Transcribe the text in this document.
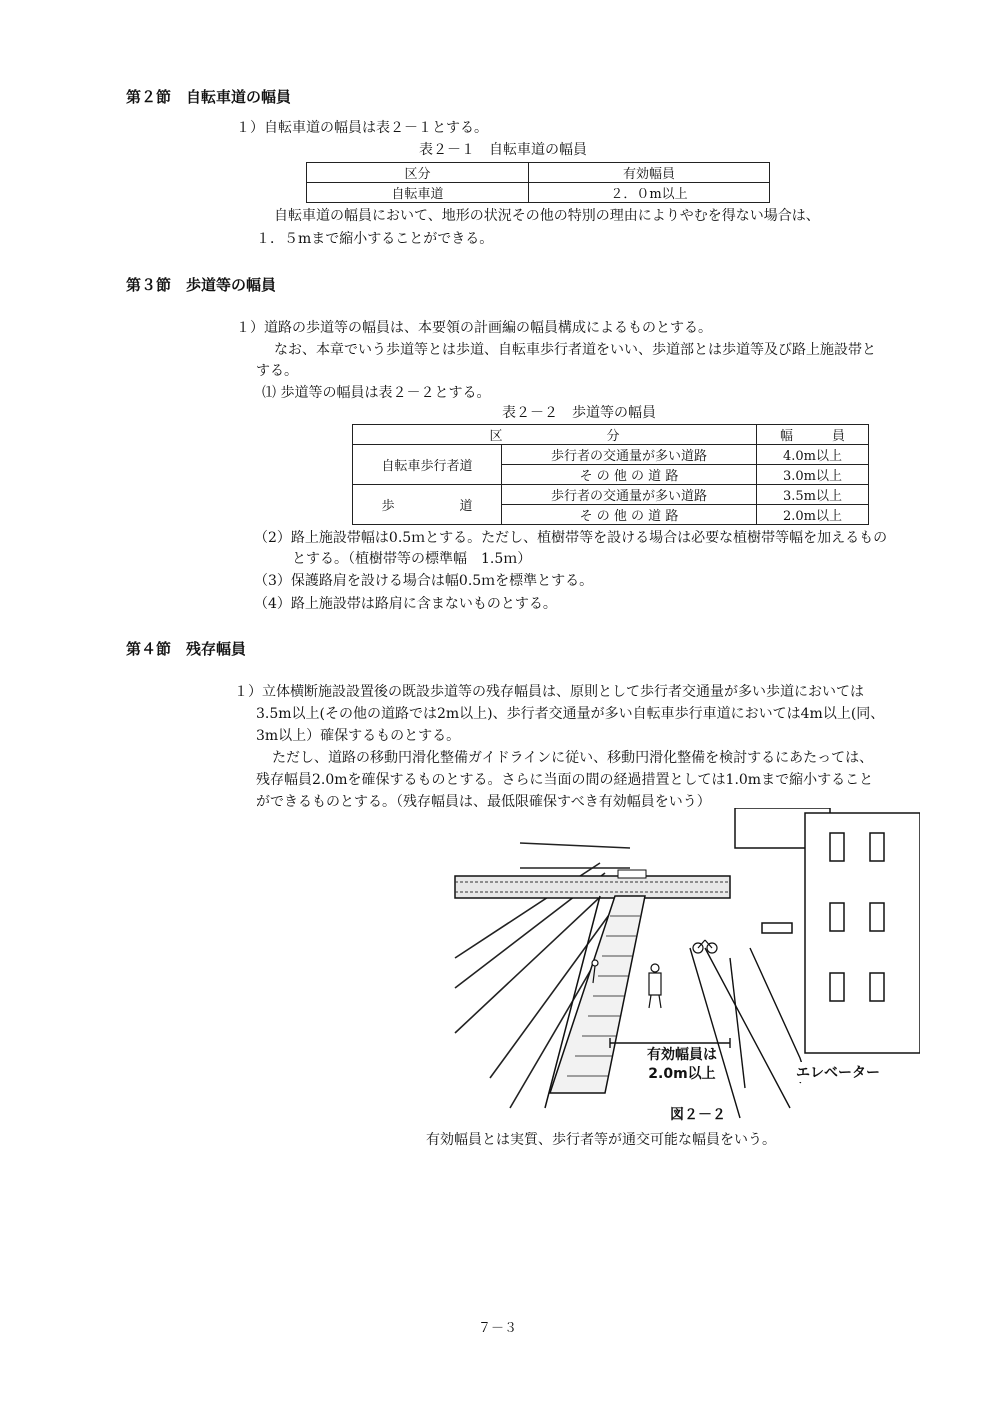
第２節　自転車道の幅員
１）自転車道の幅員は表２－１とする。
表２－１　自転車道の幅員
区分	有効幅員
自転車道	２．０m以上
自転車道の幅員において、地形の状況その他の特別の理由によりやむを得ない場合は、
１．５mまで縮小することができる。
第３節　歩道等の幅員
１）道路の歩道等の幅員は、本要領の計画編の幅員構成によるものとする。
なお、本章でいう歩道等とは歩道、自転車歩行者道をいい、歩道部とは歩道等及び路上施設帯と
する。
⑴ 歩道等の幅員は表２－２とする。
表２－２　歩道等の幅員
区　　　　　　　　分		幅　　　員
自転車歩行者道	歩行者の交通量が多い道路	4.0m以上
	そ の 他 の 道 路	3.0m以上
歩　　　　　道	歩行者の交通量が多い道路	3.5m以上
	そ の 他 の 道 路	2.0m以上
（2）路上施設帯幅は0.5ｍとする。ただし、植樹帯等を設ける場合は必要な植樹帯等幅を加えるもの
とする。（植樹帯等の標準幅　1.5ｍ）
（3）保護路肩を設ける場合は幅0.5ｍを標準とする。
（4）路上施設帯は路肩に含まないものとする。
第４節　残存幅員
１）立体横断施設設置後の既設歩道等の残存幅員は、原則として歩行者交通量が多い歩道においては
3.5m以上(その他の道路では2m以上)、歩行者交通量が多い自転車歩行車道においては4m以上(同、
3m以上）確保するものとする。
ただし、道路の移動円滑化整備ガイドラインに従い、移動円滑化整備を検討するにあたっては、
残存幅員2.0mを確保するものとする。さらに当面の間の経過措置としては1.0mまで縮小すること
ができるものとする。（残存幅員は、最低限確保すべき有効幅員をいう）
有効幅員は
2.0m以上	エレベーター
図２－２
有効幅員とは実質、歩行者等が通交可能な幅員をいう。
７－３
